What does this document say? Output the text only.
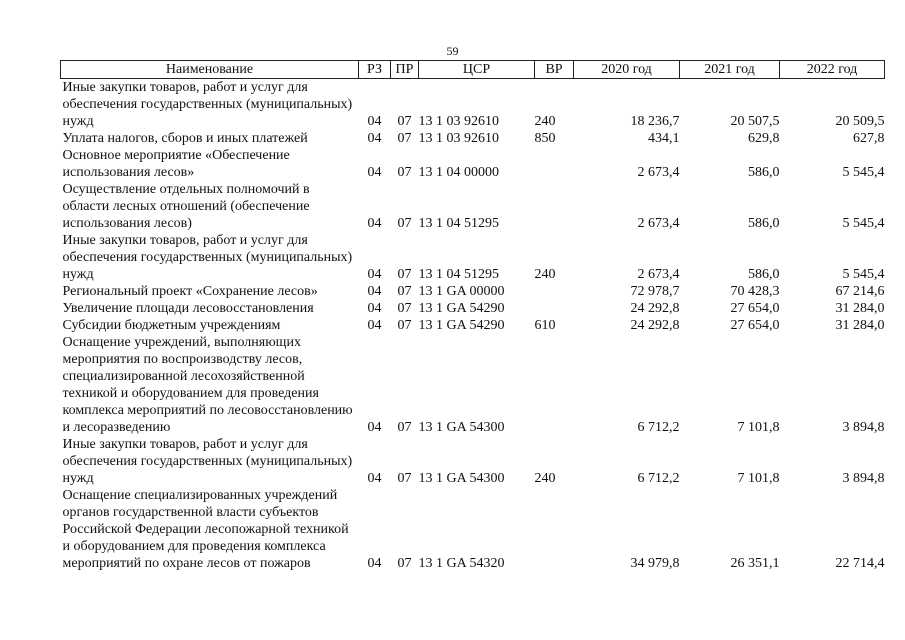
59
Наименование	РЗ	ПР	ЦСР	ВР	2020 год	2021 год	2022 год
Иные закупки товаров, работ и услуг для обеспечения государственных (муниципальных) нужд	04	07	13 1 03 92610	240	18 236,7	20 507,5	20 509,5
Уплата налогов, сборов и иных платежей	04	07	13 1 03 92610	850	434,1	629,8	627,8
Основное мероприятие «Обеспечение использования лесов»	04	07	13 1 04 00000		2 673,4	586,0	5 545,4
Осуществление отдельных полномочий в области лесных отношений (обеспечение использования лесов)	04	07	13 1 04 51295		2 673,4	586,0	5 545,4
Иные закупки товаров, работ и услуг для обеспечения государственных (муниципальных) нужд	04	07	13 1 04 51295	240	2 673,4	586,0	5 545,4
Региональный проект «Сохранение лесов»	04	07	13 1 GA 00000		72 978,7	70 428,3	67 214,6
Увеличение площади лесовосстановления	04	07	13 1 GA 54290		24 292,8	27 654,0	31 284,0
Субсидии бюджетным учреждениям	04	07	13 1 GA 54290	610	24 292,8	27 654,0	31 284,0
Оснащение учреждений, выполняющих мероприятия по воспроизводству лесов, специализированной лесохозяйственной техникой и оборудованием для проведения комплекса мероприятий по лесовосстановлению и лесоразведению	04	07	13 1 GA 54300		6 712,2	7 101,8	3 894,8
Иные закупки товаров, работ и услуг для обеспечения государственных (муниципальных) нужд	04	07	13 1 GA 54300	240	6 712,2	7 101,8	3 894,8
Оснащение специализированных учреждений органов государственной власти субъектов Российской Федерации лесопожарной техникой и оборудованием для проведения комплекса мероприятий по охране лесов от пожаров	04	07	13 1 GA 54320		34 979,8	26 351,1	22 714,4
